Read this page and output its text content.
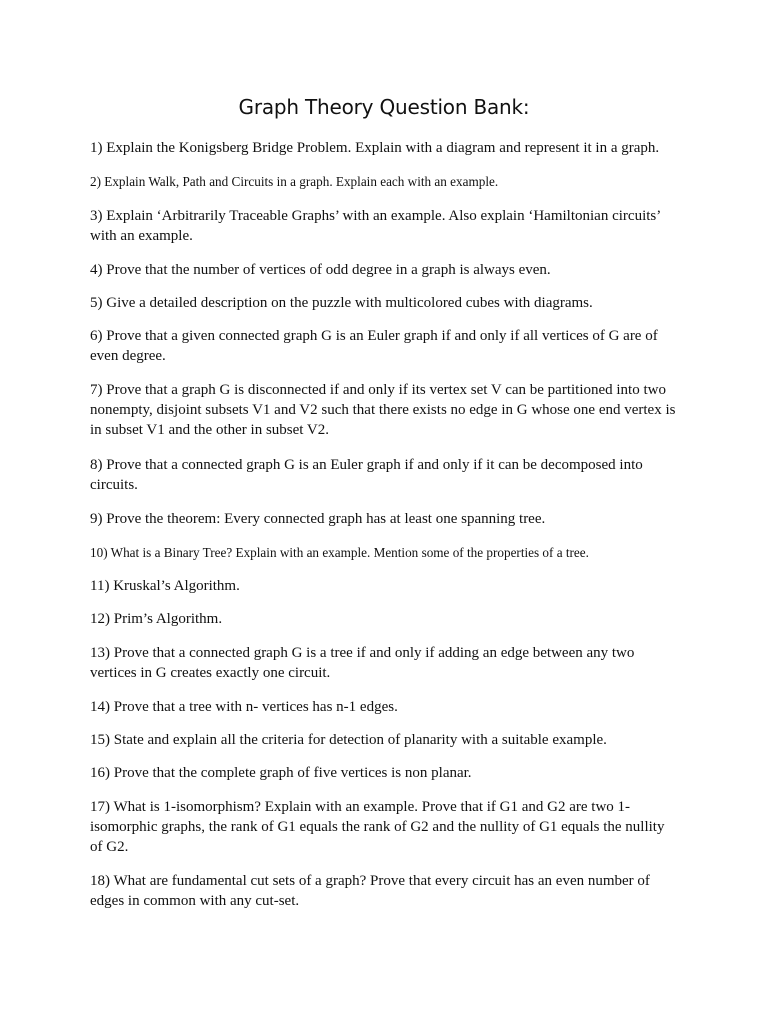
Graph Theory Question Bank:

1) Explain the Konigsberg Bridge Problem. Explain with a diagram and represent it in a graph.

2) Explain Walk, Path and Circuits in a graph. Explain each with an example.

3) Explain ‘Arbitrarily Traceable Graphs’ with an example. Also explain ‘Hamiltonian circuits’ with an example.

4) Prove that the number of vertices of odd degree in a graph is always even.

5) Give a detailed description on the puzzle with multicolored cubes with diagrams.

6) Prove that a given connected graph G is an Euler graph if and only if all vertices of G are of even degree.

7) Prove that a graph G is disconnected if and only if its vertex set V can be partitioned into two nonempty, disjoint subsets V1 and V2 such that there exists no edge in G whose one end vertex is in subset V1 and the other in subset V2.

8) Prove that a connected graph G is an Euler graph if and only if it can be decomposed into circuits.

9) Prove the theorem: Every connected graph has at least one spanning tree.

10) What is a Binary Tree? Explain with an example. Mention some of the properties of a tree.

11) Kruskal’s Algorithm.

12) Prim’s Algorithm.

13) Prove that a connected graph G is a tree if and only if adding an edge between any two vertices in G creates exactly one circuit.

14) Prove that a tree with n- vertices has n-1 edges.

15) State and explain all the criteria for detection of planarity with a suitable example.

16) Prove that the complete graph of five vertices is non planar.

17) What is 1-isomorphism? Explain with an example. Prove that if G1 and G2 are two 1-isomorphic graphs, the rank of G1 equals the rank of G2 and the nullity of G1 equals the nullity of G2.

18) What are fundamental cut sets of a graph? Prove that every circuit has an even number of edges in common with any cut-set.
